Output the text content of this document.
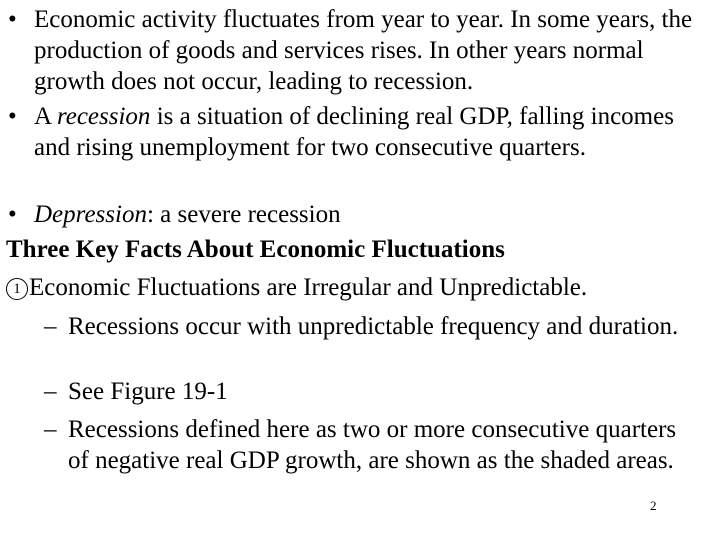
• Economic activity fluctuates from year to year. In some years, the production of goods and services rises. In other years normal growth does not occur, leading to recession.
• A recession is a situation of declining real GDP, falling incomes and rising unemployment for two consecutive quarters.
• Depression: a severe recession
Three Key Facts About Economic Fluctuations
1 Economic Fluctuations are Irregular and Unpredictable.
– Recessions occur with unpredictable frequency and duration.
– See Figure 19-1
– Recessions defined here as two or more consecutive quarters of negative real GDP growth, are shown as the shaded areas.
2
